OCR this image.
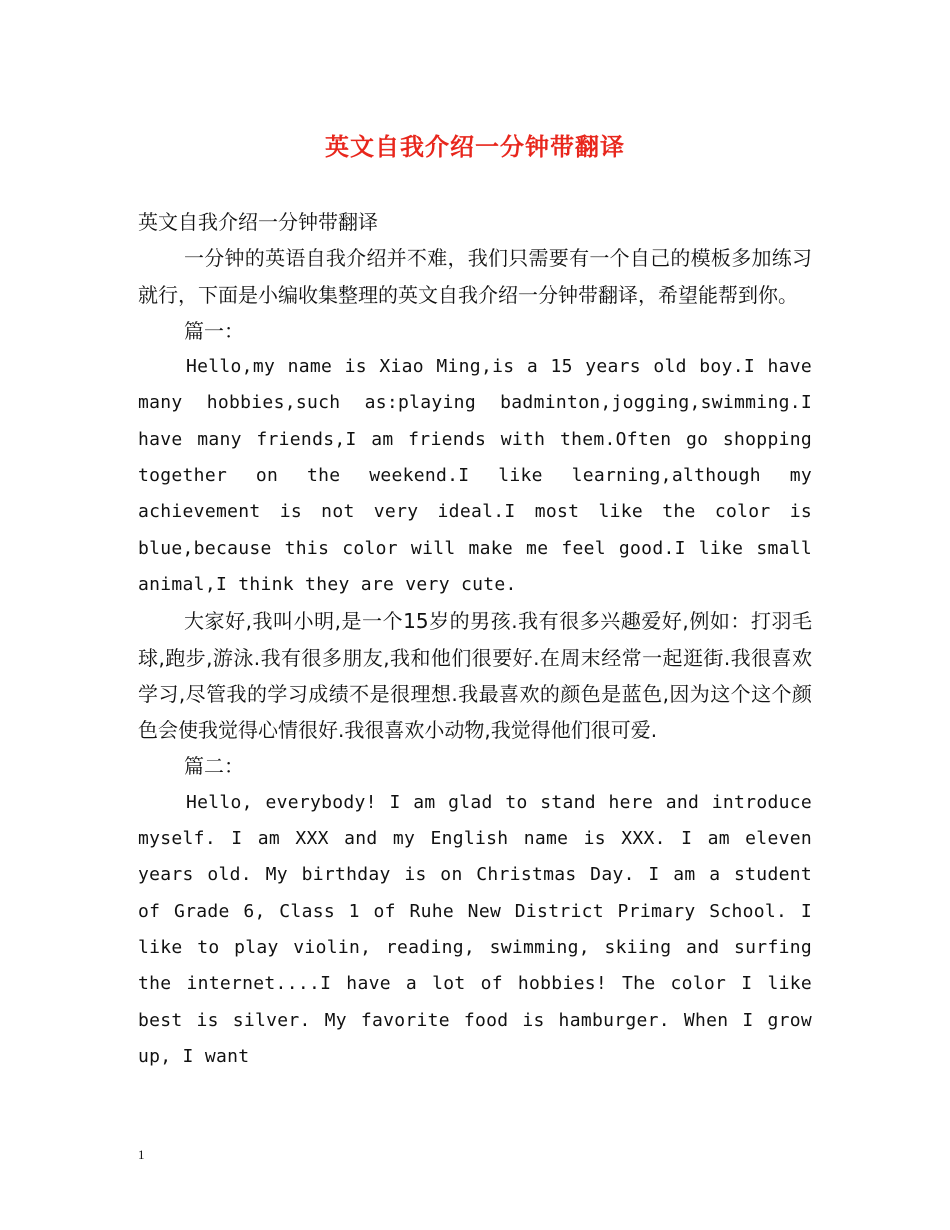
英文自我介绍一分钟带翻译

英文自我介绍一分钟带翻译

一分钟的英语自我介绍并不难，我们只需要有一个自己的模板多加练习就行，下面是小编收集整理的英文自我介绍一分钟带翻译，希望能帮到你。

篇一：

Hello,my name is Xiao Ming,is a 15 years old boy.I have many hobbies,such as:playing badminton,jogging,swimming.I have many friends,I am friends with them.Often go shopping together on the weekend.I like learning,although my achievement is not very ideal.I most like the color is blue,because this color will make me feel good.I like small animal,I think they are very cute.

大家好,我叫小明,是一个15岁的男孩.我有很多兴趣爱好,例如：打羽毛球,跑步,游泳.我有很多朋友,我和他们很要好.在周末经常一起逛街.我很喜欢学习,尽管我的学习成绩不是很理想.我最喜欢的颜色是蓝色,因为这个这个颜色会使我觉得心情很好.我很喜欢小动物,我觉得他们很可爱.

篇二：

Hello, everybody! I am glad to stand here and introduce myself. I am XXX and my English name is XXX. I am eleven years old. My birthday is on Christmas Day. I am a student of Grade 6, Class 1 of Ruhe New District Primary School. I like to play violin, reading, swimming, skiing and surfing the internet....I have a lot of hobbies! The color I like best is silver. My favorite food is hamburger. When I grow up, I want

1
